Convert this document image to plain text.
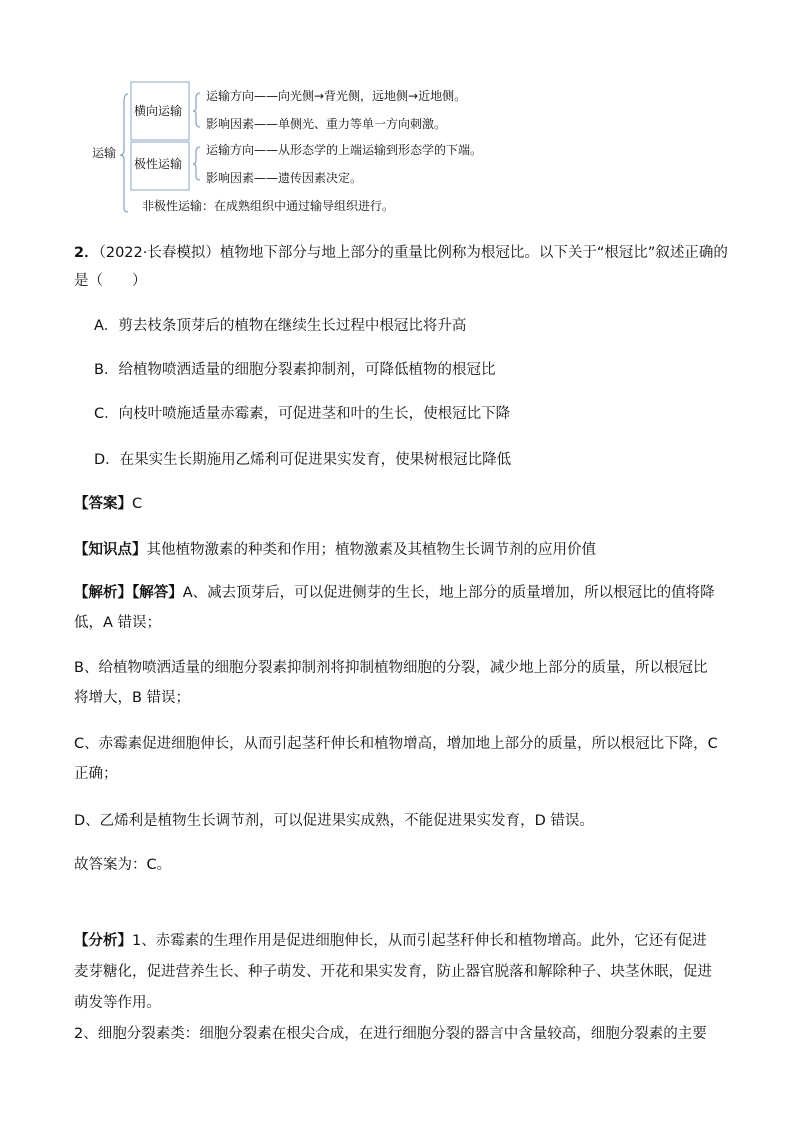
运输
横向运输
运输方向——向光侧→背光侧，远地侧→近地侧。
影响因素——单侧光、重力等单一方向刺激。
极性运输
运输方向——从形态学的上端运输到形态学的下端。
影响因素——遗传因素决定。
非极性运输：在成熟组织中通过输导组织进行。
2．（2022·长春模拟）植物地下部分与地上部分的重量比例称为根冠比。以下关于“根冠比”叙述正确的
是（　　）
A．剪去枝条顶芽后的植物在继续生长过程中根冠比将升高
B．给植物喷洒适量的细胞分裂素抑制剂，可降低植物的根冠比
C．向枝叶喷施适量赤霉素，可促进茎和叶的生长，使根冠比下降
D．在果实生长期施用乙烯利可促进果实发育，使果树根冠比降低
【答案】C
【知识点】其他植物激素的种类和作用；植物激素及其植物生长调节剂的应用价值
【解析】【解答】A、减去顶芽后，可以促进侧芽的生长，地上部分的质量增加，所以根冠比的值将降
低，A 错误；
B、给植物喷洒适量的细胞分裂素抑制剂将抑制植物细胞的分裂，减少地上部分的质量，所以根冠比
将增大，B 错误；
C、赤霉素促进细胞伸长，从而引起茎秆伸长和植物增高，增加地上部分的质量，所以根冠比下降，C
正确；
D、乙烯利是植物生长调节剂，可以促进果实成熟，不能促进果实发育，D 错误。
故答案为：C。
【分析】1、赤霉素的生理作用是促进细胞伸长，从而引起茎秆伸长和植物增高。此外，它还有促进
麦芽糖化，促进营养生长、种子萌发、开花和果实发育，防止器官脱落和解除种子、块茎休眠，促进
萌发等作用。
2、细胞分裂素类：细胞分裂素在根尖合成，在进行细胞分裂的器言中含量较高，细胞分裂素的主要
